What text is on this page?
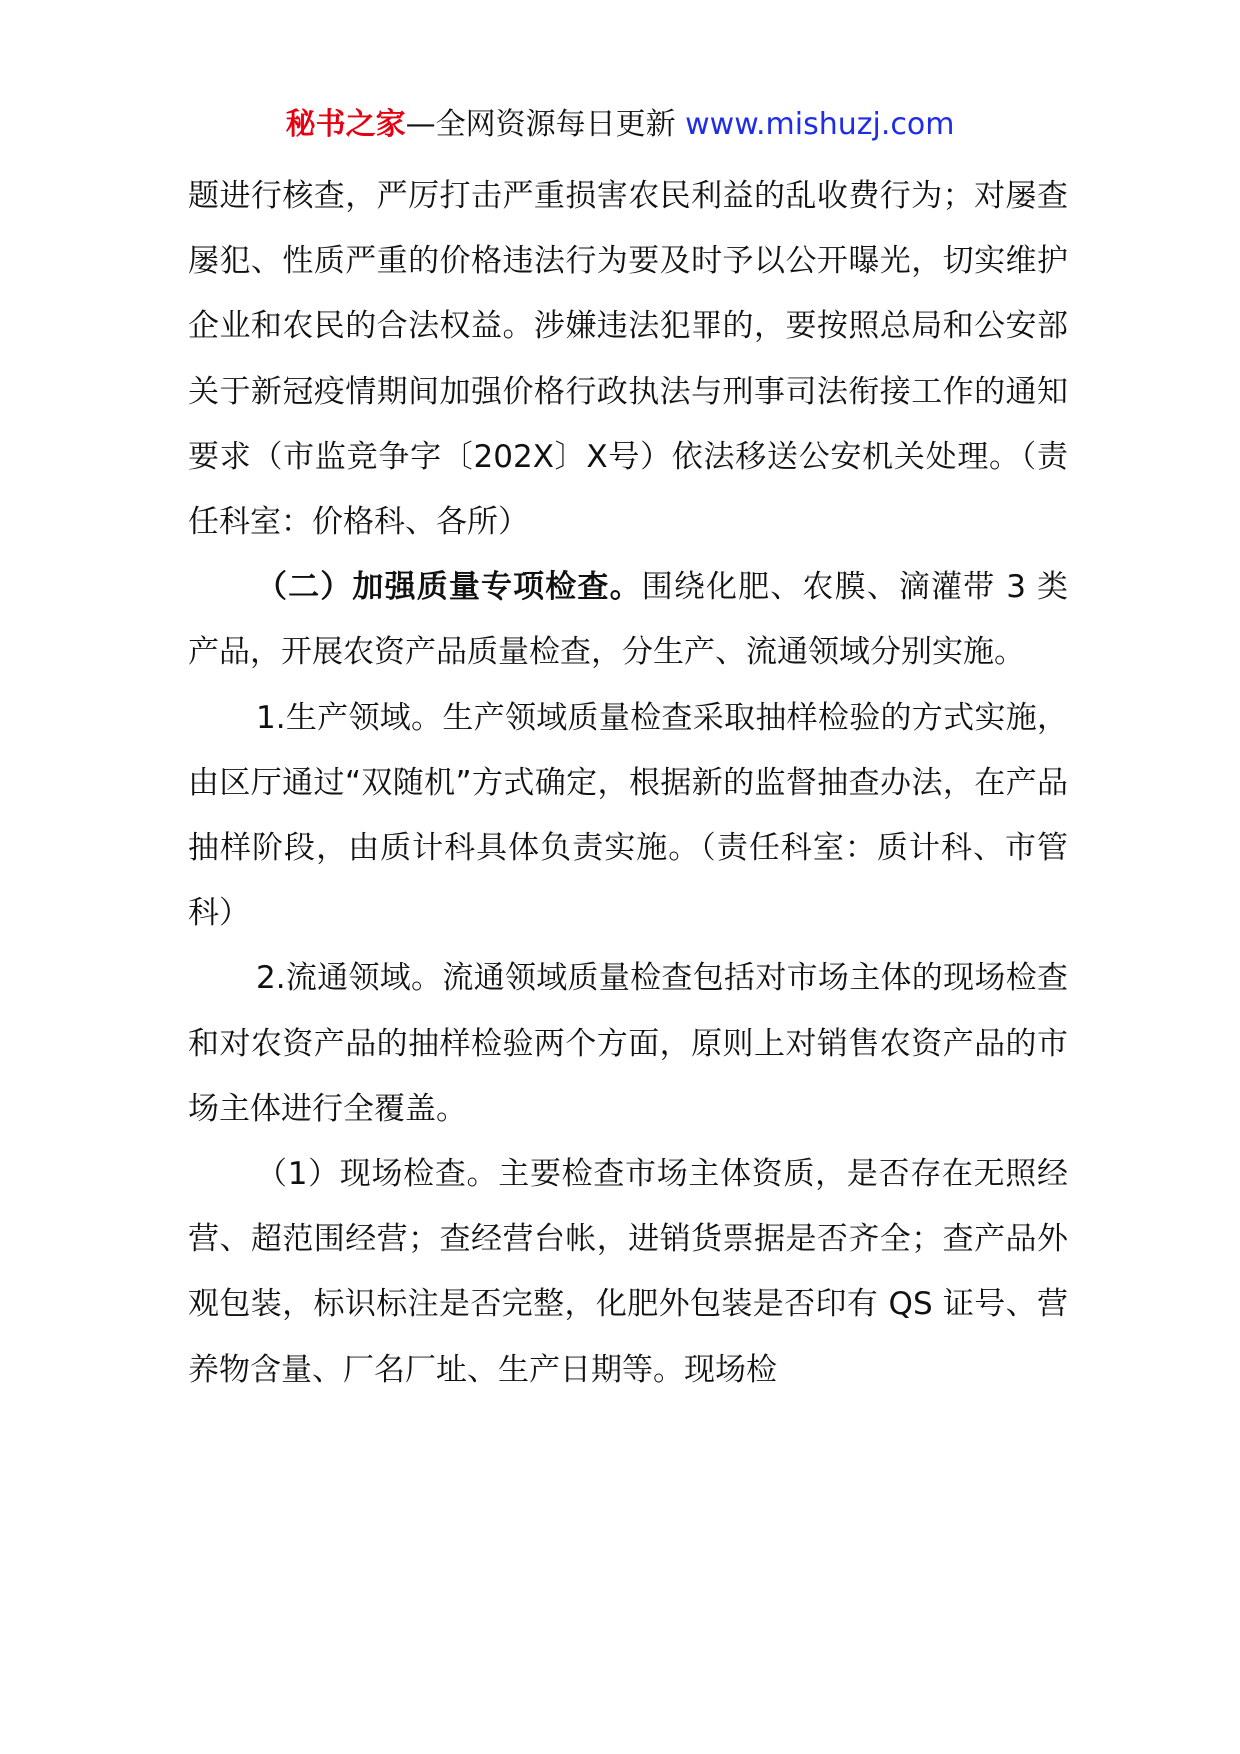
秘书之家—全网资源每日更新 www.mishuzj.com

题进行核查，严厉打击严重损害农民利益的乱收费行为；对屡查屡犯、性质严重的价格违法行为要及时予以公开曝光，切实维护企业和农民的合法权益。涉嫌违法犯罪的，要按照总局和公安部关于新冠疫情期间加强价格行政执法与刑事司法衔接工作的通知要求（市监竞争字〔202X〕X号）依法移送公安机关处理。（责任科室：价格科、各所）

（二）加强质量专项检查。围绕化肥、农膜、滴灌带 3 类产品，开展农资产品质量检查，分生产、流通领域分别实施。

1.生产领域。生产领域质量检查采取抽样检验的方式实施，由区厅通过“双随机”方式确定，根据新的监督抽查办法，在产品抽样阶段，由质计科具体负责实施。（责任科室：质计科、市管科）

2.流通领域。流通领域质量检查包括对市场主体的现场检查和对农资产品的抽样检验两个方面，原则上对销售农资产品的市场主体进行全覆盖。

（1）现场检查。主要检查市场主体资质，是否存在无照经营、超范围经营；查经营台帐，进销货票据是否齐全；查产品外观包装，标识标注是否完整，化肥外包装是否印有 QS 证号、营养物含量、厂名厂址、生产日期等。现场检
